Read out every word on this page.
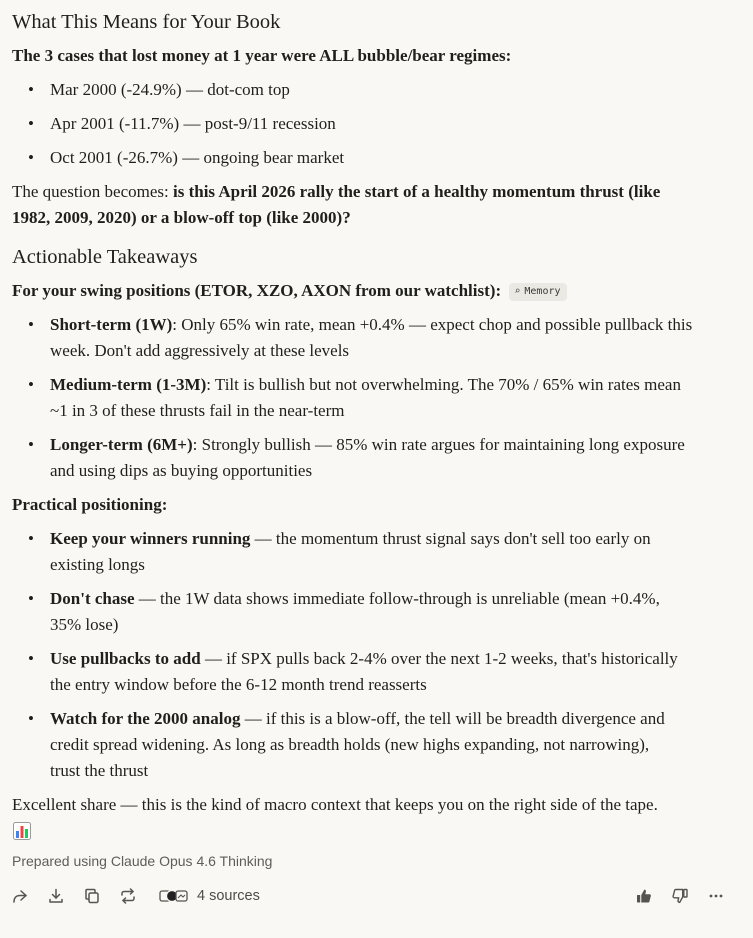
What This Means for Your Book

The 3 cases that lost money at 1 year were ALL bubble/bear regimes:

• Mar 2000 (-24.9%) — dot-com top
• Apr 2001 (-11.7%) — post-9/11 recession
• Oct 2001 (-26.7%) — ongoing bear market

The question becomes: is this April 2026 rally the start of a healthy momentum thrust (like
1982, 2009, 2020) or a blow-off top (like 2000)?

Actionable Takeaways

For your swing positions (ETOR, XZO, AXON from our watchlist): ⌕ Memory

• Short-term (1W): Only 65% win rate, mean +0.4% — expect chop and possible pullback this
week. Don't add aggressively at these levels
• Medium-term (1-3M): Tilt is bullish but not overwhelming. The 70% / 65% win rates mean
~1 in 3 of these thrusts fail in the near-term
• Longer-term (6M+): Strongly bullish — 85% win rate argues for maintaining long exposure
and using dips as buying opportunities

Practical positioning:

• Keep your winners running — the momentum thrust signal says don't sell too early on
existing longs
• Don't chase — the 1W data shows immediate follow-through is unreliable (mean +0.4%,
35% lose)
• Use pullbacks to add — if SPX pulls back 2-4% over the next 1-2 weeks, that's historically
the entry window before the 6-12 month trend reasserts
• Watch for the 2000 analog — if this is a blow-off, the tell will be breadth divergence and
credit spread widening. As long as breadth holds (new highs expanding, not narrowing),
trust the thrust

Excellent share — this is the kind of macro context that keeps you on the right side of the tape.

Prepared using Claude Opus 4.6 Thinking
4 sources
